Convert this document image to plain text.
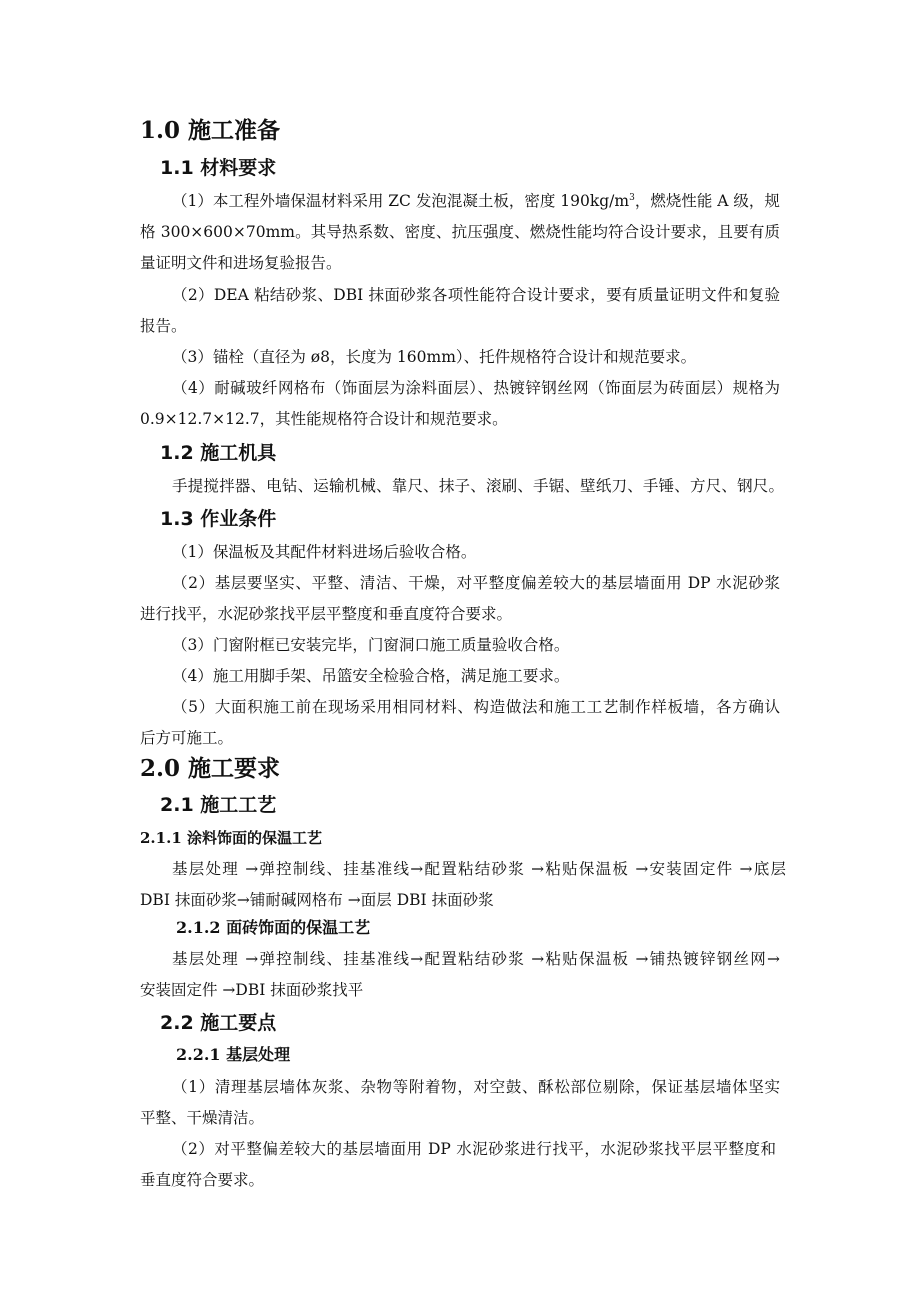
1.0 施工准备
1.1 材料要求
（1）本工程外墙保温材料采用 ZC 发泡混凝土板，密度 $190kg/m^3$，燃烧性能 A 级，规
格 300×600×70mm。其导热系数、密度、抗压强度、燃烧性能均符合设计要求，且要有质
量证明文件和进场复验报告。
（2）DEA 粘结砂浆、DBI 抹面砂浆各项性能符合设计要求，要有质量证明文件和复验
报告。
（3）锚栓（直径为 ø8，长度为 160mm）、托件规格符合设计和规范要求。
（4）耐碱玻纤网格布（饰面层为涂料面层）、热镀锌钢丝网（饰面层为砖面层）规格为
0.9×12.7×12.7，其性能规格符合设计和规范要求。
1.2 施工机具
手提搅拌器、电钻、运输机械、靠尺、抹子、滚刷、手锯、壁纸刀、手锤、方尺、钢尺。
1.3 作业条件
（1）保温板及其配件材料进场后验收合格。
（2）基层要坚实、平整、清洁、干燥，对平整度偏差较大的基层墙面用 DP 水泥砂浆
进行找平，水泥砂浆找平层平整度和垂直度符合要求。
（3）门窗附框已安装完毕，门窗洞口施工质量验收合格。
（4）施工用脚手架、吊篮安全检验合格，满足施工要求。
（5）大面积施工前在现场采用相同材料、构造做法和施工工艺制作样板墙，各方确认
后方可施工。
2.0 施工要求
2.1 施工工艺
2.1.1 涂料饰面的保温工艺
基层处理 →弹控制线、挂基准线→配置粘结砂浆 →粘贴保温板 →安装固定件 →底层
DBI 抹面砂浆→铺耐碱网格布 →面层 DBI 抹面砂浆
2.1.2 面砖饰面的保温工艺
基层处理 →弹控制线、挂基准线→配置粘结砂浆 →粘贴保温板 →铺热镀锌钢丝网→
安装固定件 →DBI 抹面砂浆找平
2.2 施工要点
2.2.1 基层处理
（1）清理基层墙体灰浆、杂物等附着物，对空鼓、酥松部位剔除，保证基层墙体坚实
平整、干燥清洁。
（2）对平整偏差较大的基层墙面用 DP 水泥砂浆进行找平，水泥砂浆找平层平整度和
垂直度符合要求。
